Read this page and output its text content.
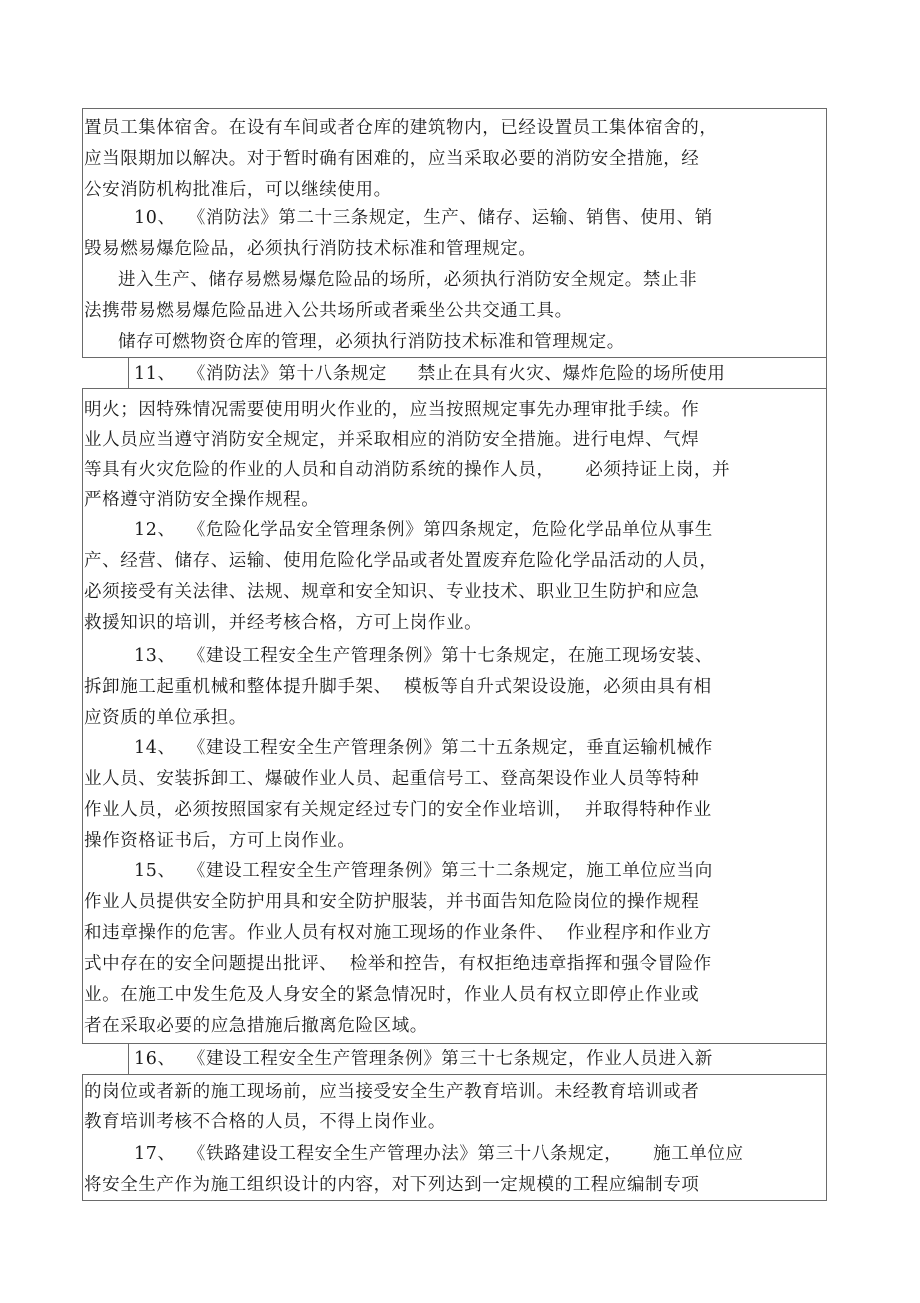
置员工集体宿舍。在设有车间或者仓库的建筑物内，已经设置员工集体宿舍的，
应当限期加以解决。对于暂时确有困难的，应当采取必要的消防安全措施，经
公安消防机构批准后，可以继续使用。
10、  《消防法》第二十三条规定，生产、储存、运输、销售、使用、销
毁易燃易爆危险品，必须执行消防技术标准和管理规定。
进入生产、储存易燃易爆危险品的场所，必须执行消防安全规定。禁止非
法携带易燃易爆危险品进入公共场所或者乘坐公共交通工具。
储存可燃物资仓库的管理，必须执行消防技术标准和管理规定。
11、  《消防法》第十八条规定     禁止在具有火灾、爆炸危险的场所使用
明火；因特殊情况需要使用明火作业的，应当按照规定事先办理审批手续。作
业人员应当遵守消防安全规定，并采取相应的消防安全措施。进行电焊、气焊
等具有火灾危险的作业的人员和自动消防系统的操作人员，     必须持证上岗，并
严格遵守消防安全操作规程。
12、  《危险化学品安全管理条例》第四条规定，危险化学品单位从事生
产、经营、储存、运输、使用危险化学品或者处置废弃危险化学品活动的人员，
必须接受有关法律、法规、规章和安全知识、专业技术、职业卫生防护和应急
救援知识的培训，并经考核合格，方可上岗作业。
13、  《建设工程安全生产管理条例》第十七条规定，在施工现场安装、
拆卸施工起重机械和整体提升脚手架、  模板等自升式架设设施，必须由具有相
应资质的单位承担。
14、  《建设工程安全生产管理条例》第二十五条规定，垂直运输机械作
业人员、安装拆卸工、爆破作业人员、起重信号工、登高架设作业人员等特种
作业人员，必须按照国家有关规定经过专门的安全作业培训，  并取得特种作业
操作资格证书后，方可上岗作业。
15、  《建设工程安全生产管理条例》第三十二条规定，施工单位应当向
作业人员提供安全防护用具和安全防护服装，并书面告知危险岗位的操作规程
和违章操作的危害。作业人员有权对施工现场的作业条件、  作业程序和作业方
式中存在的安全问题提出批评、  检举和控告，有权拒绝违章指挥和强令冒险作
业。在施工中发生危及人身安全的紧急情况时，作业人员有权立即停止作业或
者在采取必要的应急措施后撤离危险区域。
16、  《建设工程安全生产管理条例》第三十七条规定，作业人员进入新
的岗位或者新的施工现场前，应当接受安全生产教育培训。未经教育培训或者
教育培训考核不合格的人员，不得上岗作业。
17、  《铁路建设工程安全生产管理办法》第三十八条规定，     施工单位应
将安全生产作为施工组织设计的内容，对下列达到一定规模的工程应编制专项
